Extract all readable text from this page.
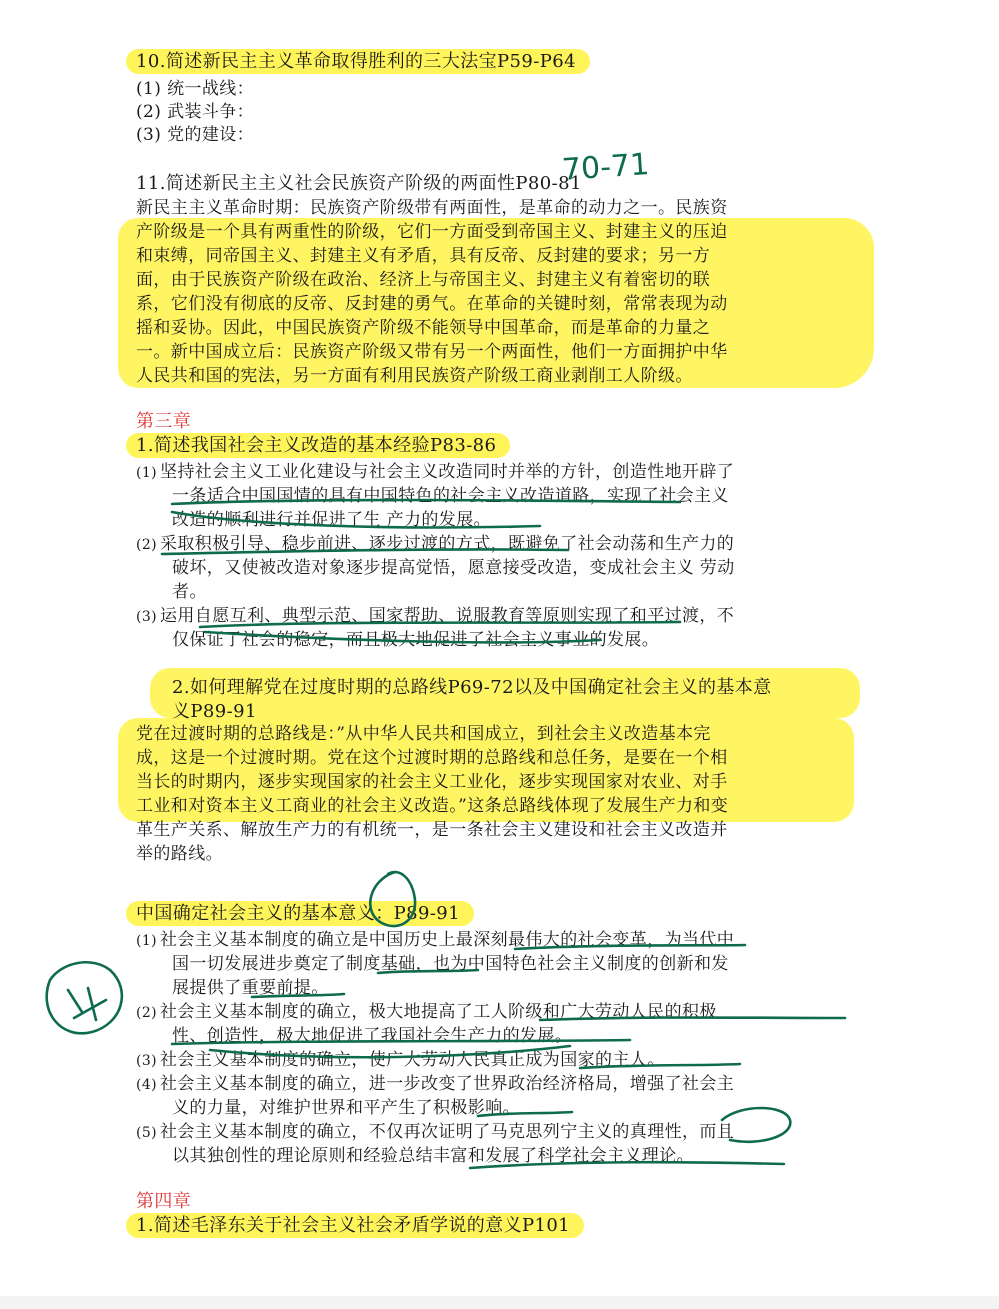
10.简述新民主主义革命取得胜利的三大法宝P59-P64
(1) 统一战线：
(2) 武装斗争：
(3) 党的建设：
11.简述新民主主义社会民族资产阶级的两面性P80-81
新民主主义革命时期：民族资产阶级带有两面性，是革命的动力之一。民族资
产阶级是一个具有两重性的阶级，它们一方面受到帝国主义、封建主义的压迫
和束缚，同帝国主义、封建主义有矛盾，具有反帝、反封建的要求；另一方
面，由于民族资产阶级在政治、经济上与帝国主义、封建主义有着密切的联
系，它们没有彻底的反帝、反封建的勇气。在革命的关键时刻，常常表现为动
摇和妥协。因此，中国民族资产阶级不能领导中国革命，而是革命的力量之
一。新中国成立后：民族资产阶级又带有另一个两面性，他们一方面拥护中华
人民共和国的宪法，另一方面有利用民族资产阶级工商业剥削工人阶级。
第三章
1.简述我国社会主义改造的基本经验P83-86
(1) 坚持社会主义工业化建设与社会主义改造同时并举的方针，创造性地开辟了
一条适合中国国情的具有中国特色的社会主义改造道路，实现了社会主义
改造的顺利进行并促进了生 产力的发展。
(2) 采取积极引导、稳步前进、逐步过渡的方式，既避免了社会动荡和生产力的
破坏，又使被改造对象逐步提高觉悟，愿意接受改造，变成社会主义 劳动
者。
(3) 运用自愿互利、典型示范、国家帮助、说服教育等原则实现了和平过渡，不
仅保证了社会的稳定，而且极大地促进了社会主义事业的发展。
2.如何理解党在过度时期的总路线P69-72以及中国确定社会主义的基本意
义P89-91
党在过渡时期的总路线是：”从中华人民共和国成立，到社会主义改造基本完
成，这是一个过渡时期。党在这个过渡时期的总路线和总任务，是要在一个相
当长的时期内，逐步实现国家的社会主义工业化，逐步实现国家对农业、对手
工业和对资本主义工商业的社会主义改造。”这条总路线体现了发展生产力和变
革生产关系、解放生产力的有机统一，是一条社会主义建设和社会主义改造并
举的路线。
中国确定社会主义的基本意义：P89-91
(1) 社会主义基本制度的确立是中国历史上最深刻最伟大的社会变革，为当代中
国一切发展进步奠定了制度基础，也为中国特色社会主义制度的创新和发
展提供了重要前提。
(2) 社会主义基本制度的确立，极大地提高了工人阶级和广大劳动人民的积极
性、创造性，极大地促进了我国社会生产力的发展。
(3) 社会主义基本制度的确立，使广大劳动人民真正成为国家的主人。
(4) 社会主义基本制度的确立，进一步改变了世界政治经济格局，增强了社会主
义的力量，对维护世界和平产生了积极影响。
(5) 社会主义基本制度的确立，不仅再次证明了马克思列宁主义的真理性，而且
以其独创性的理论原则和经验总结丰富和发展了科学社会主义理论。
第四章
1.简述毛泽东关于社会主义社会矛盾学说的意义P101
70-71
